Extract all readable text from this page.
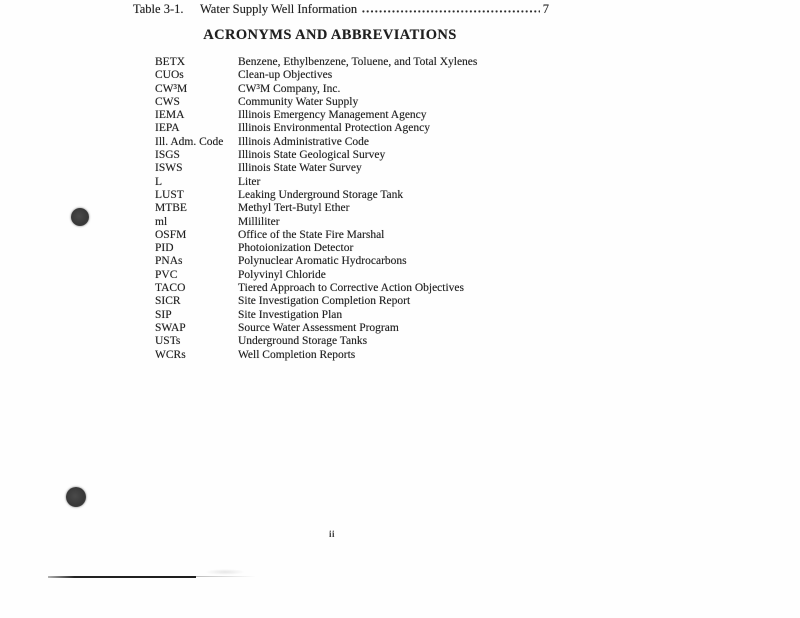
Table 3-1.	Water Supply Well Information	7
ACRONYMS AND ABBREVIATIONS
BETX	Benzene, Ethylbenzene, Toluene, and Total Xylenes
CUOs	Clean-up Objectives
CW³M	CW³M Company, Inc.
CWS	Community Water Supply
IEMA	Illinois Emergency Management Agency
IEPA	Illinois Environmental Protection Agency
Ill. Adm. Code	Illinois Administrative Code
ISGS	Illinois State Geological Survey
ISWS	Illinois State Water Survey
L	Liter
LUST	Leaking Underground Storage Tank
MTBE	Methyl Tert-Butyl Ether
ml	Milliliter
OSFM	Office of the State Fire Marshal
PID	Photoionization Detector
PNAs	Polynuclear Aromatic Hydrocarbons
PVC	Polyvinyl Chloride
TACO	Tiered Approach to Corrective Action Objectives
SICR	Site Investigation Completion Report
SIP	Site Investigation Plan
SWAP	Source Water Assessment Program
USTs	Underground Storage Tanks
WCRs	Well Completion Reports
ii
